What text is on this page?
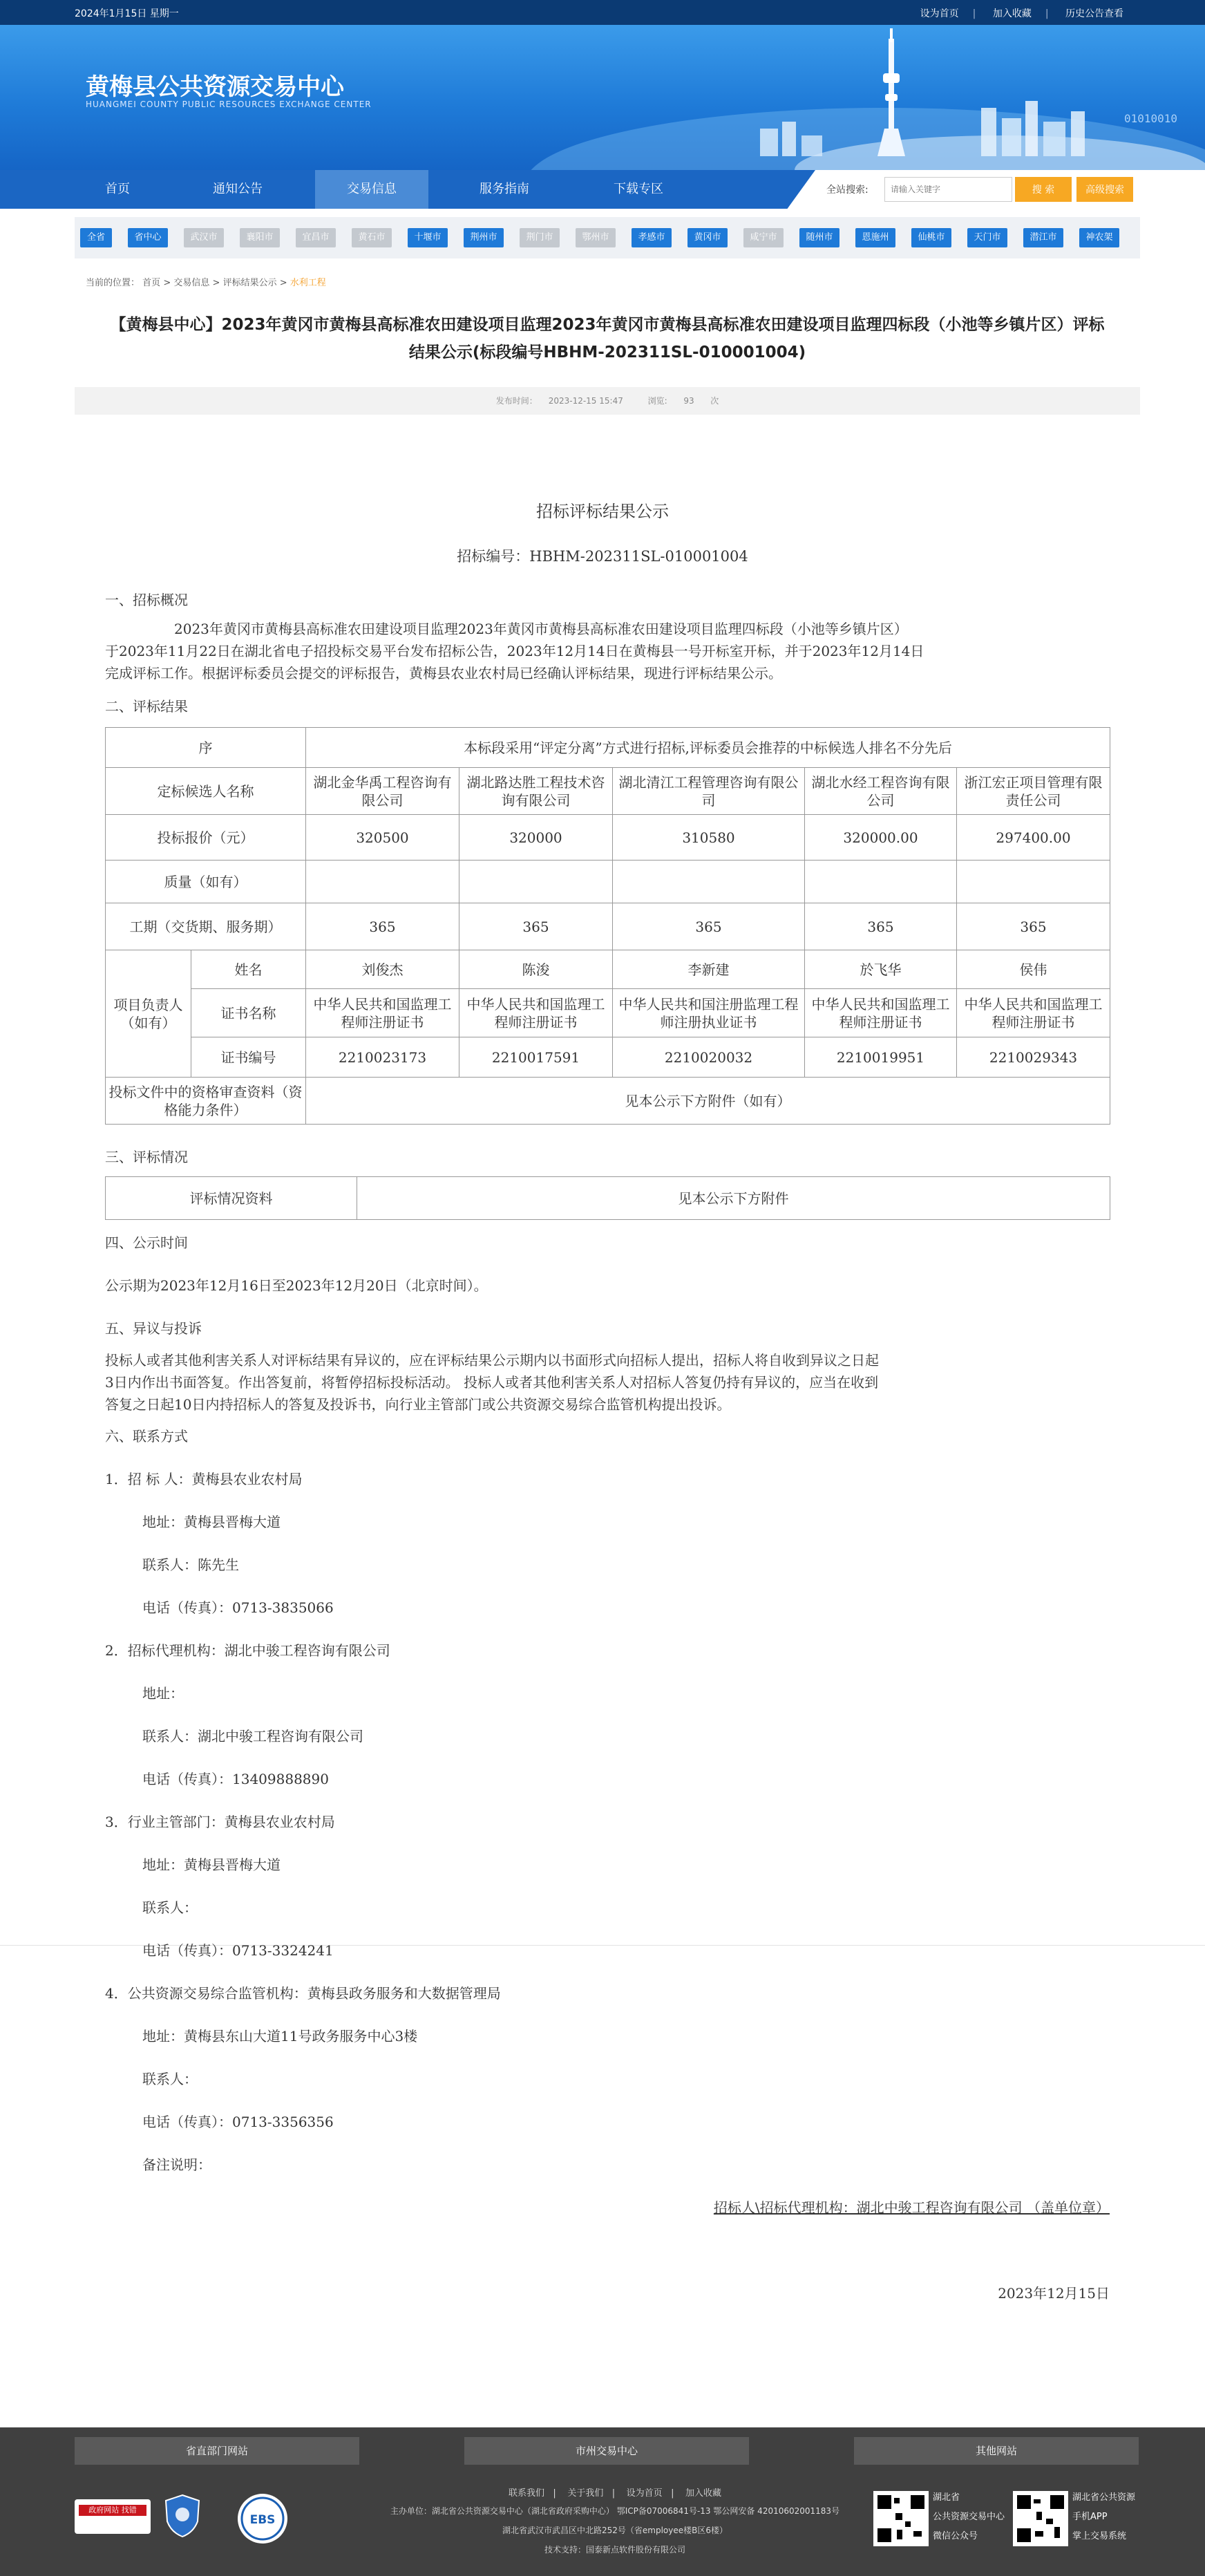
2024年1月15日 星期一	设为首页 | 加入收藏 | 历史公告查看
黄梅县公共资源交易中心
HUANGMEI COUNTY PUBLIC RESOURCES EXCHANGE CENTER
01010010
首页	通知公告	交易信息	服务指南	下载专区	全站搜索:
请输入关键字	搜 索	高级搜索
全省	省中心	武汉市	襄阳市	宜昌市	黄石市	十堰市	荆州市	荆门市	鄂州市	孝感市	黄冈市	咸宁市	随州市	恩施州	仙桃市	天门市	潜江市	神农架
当前的位置： 首页 > 交易信息 > 评标结果公示 > 水利工程
【黄梅县中心】2023年黄冈市黄梅县高标准农田建设项目监理2023年黄冈市黄梅县高标准农田建设项目监理四标段（小池等乡镇片区）评标
结果公示(标段编号HBHM-202311SL-010001004)
发布时间： 2023-12-15 15:47	浏览: 93 次
招标评标结果公示
招标编号：HBHM-202311SL-010001004
一、招标概况
2023年黄冈市黄梅县高标准农田建设项目监理2023年黄冈市黄梅县高标准农田建设项目监理四标段（小池等乡镇片区）
于2023年11月22日在湖北省电子招投标交易平台发布招标公告，2023年12月14日在黄梅县一号开标室开标，并于2023年12月14日
完成评标工作。根据评标委员会提交的评标报告，黄梅县农业农村局已经确认评标结果，现进行评标结果公示。
二、评标结果
序		本标段采用“评定分离”方式进行招标,评标委员会推荐的中标候选人排名不分先后				
定标候选人名称		湖北金华禹工程咨询有限公司	湖北路达胜工程技术咨询有限公司	湖北清江工程管理咨询有限公司	湖北水经工程咨询有限公司	浙江宏正项目管理有限责任公司
投标报价（元）		320500	320000	310580	320000.00	297400.00
质量（如有）						
工期（交货期、服务期）		365	365	365	365	365
项目负责人（如有）	姓名	刘俊杰	陈浚	李新建	於飞华	侯伟
	证书名称	中华人民共和国监理工程师注册证书	中华人民共和国监理工程师注册证书	中华人民共和国注册监理工程师注册执业证书	中华人民共和国监理工程师注册证书	中华人民共和国监理工程师注册证书
	证书编号	2210023173	2210017591	2210020032	2210019951	2210029343
投标文件中的资格审查资料（资格能力条件）		见本公示下方附件（如有）				
三、评标情况
评标情况资料	见本公示下方附件
四、公示时间
公示期为2023年12月16日至2023年12月20日（北京时间）。
五、异议与投诉
投标人或者其他利害关系人对评标结果有异议的，应在评标结果公示期内以书面形式向招标人提出，招标人将自收到异议之日起
3日内作出书面答复。作出答复前，将暂停招标投标活动。 投标人或者其他利害关系人对招标人答复仍持有异议的，应当在收到
答复之日起10日内持招标人的答复及投诉书，向行业主管部门或公共资源交易综合监管机构提出投诉。
六、联系方式
1．招 标 人：黄梅县农业农村局
地址：黄梅县晋梅大道
联系人：陈先生
电话（传真）：0713-3835066
2．招标代理机构：湖北中骏工程咨询有限公司
地址：
联系人：湖北中骏工程咨询有限公司
电话（传真）：13409888890
3．行业主管部门：黄梅县农业农村局
地址：黄梅县晋梅大道
联系人：
电话（传真）：0713-3324241
4．公共资源交易综合监管机构：黄梅县政务服务和大数据管理局
地址：黄梅县东山大道11号政务服务中心3楼
联系人：
电话（传真）：0713-3356356
备注说明：
招标人\招标代理机构：湖北中骏工程咨询有限公司 （盖单位章）
2023年12月15日
省直部门网站	市州交易中心	其他网站
政府网站 找错
EBS
联系我们   |    关于我们   |    设为首页   |    加入收藏
主办单位：湖北省公共资源交易中心（湖北省政府采购中心） 鄂ICP备07006841号-13 鄂公网安备 42010602001183号
湖北省武汉市武昌区中北路252号（省employee楼B区6楼）
技术支持：国泰新点软件股份有限公司
湖北省
公共资源交易中心
微信公众号
湖北省公共资源
手机APP
掌上交易系统
